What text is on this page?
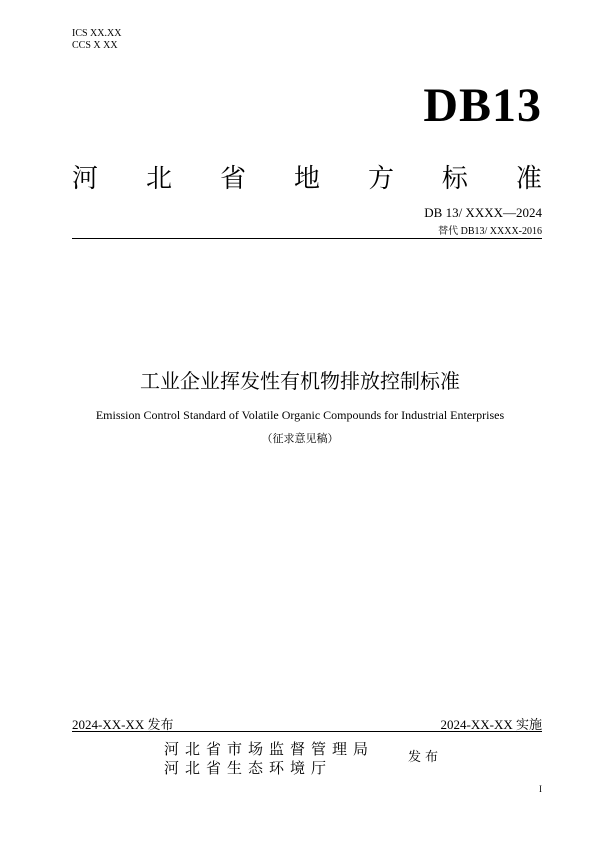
ICS XX.XX
CCS X XX
DB13
河 北 省 地 方 标 准
DB 13/ XXXX—2024
替代 DB13/ XXXX-2016
工业企业挥发性有机物排放控制标准
Emission Control Standard of Volatile Organic Compounds for Industrial Enterprises
（征求意见稿）
2024-XX-XX 发布	2024-XX-XX 实施
河北省市场监督管理局
河北省生态环境厅
发布
I
